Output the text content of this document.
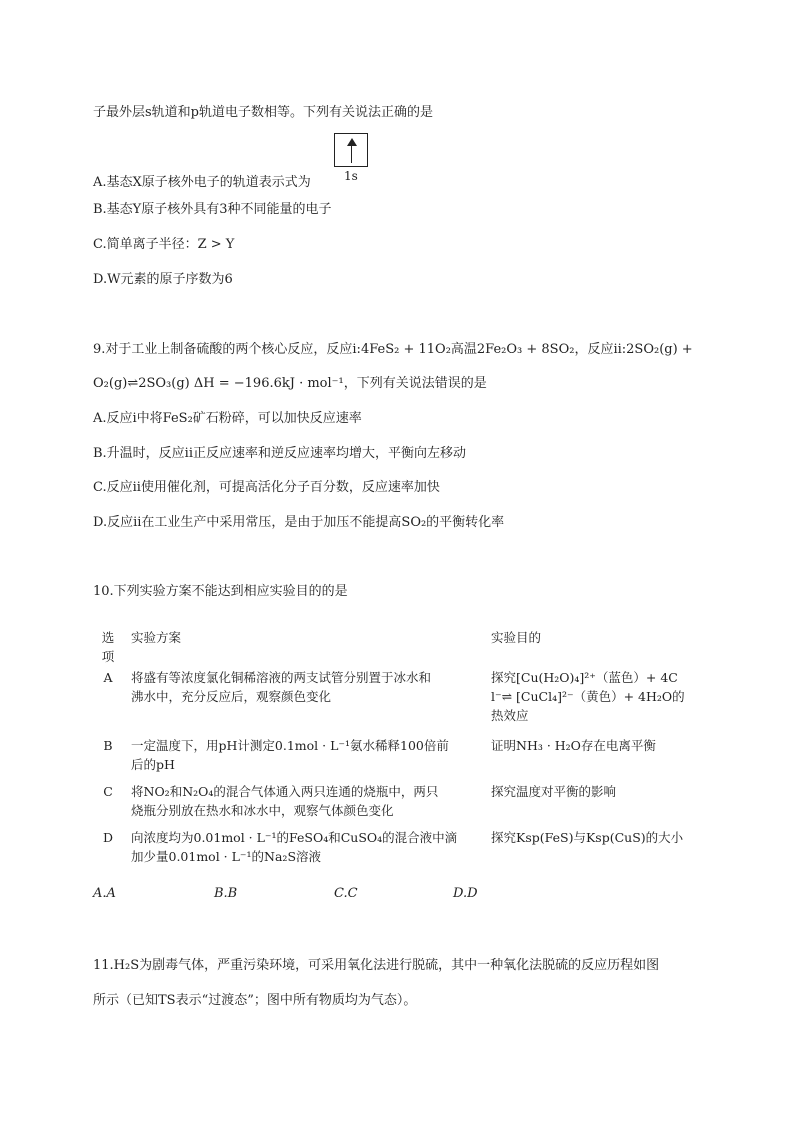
子最外层s轨道和p轨道电子数相等。下列有关说法正确的是
1s
A.基态X原子核外电子的轨道表示式为
B.基态Y原子核外具有3种不同能量的电子
C.简单离子半径：Z > Y
D.W元素的原子序数为6
9.对于工业上制备硫酸的两个核心反应，反应i:4FeS₂ + 11O₂高温2Fe₂O₃ + 8SO₂，反应ii:2SO₂(g) +
O₂(g)⇌2SO₃(g) ΔH = −196.6kJ · mol⁻¹，下列有关说法错误的是
A.反应i中将FeS₂矿石粉碎，可以加快反应速率
B.升温时，反应ii正反应速率和逆反应速率均增大，平衡向左移动
C.反应ii使用催化剂，可提高活化分子百分数，反应速率加快
D.反应ii在工业生产中采用常压，是由于加压不能提高SO₂的平衡转化率
10.下列实验方案不能达到相应实验目的的是
选
项	实验方案	实验目的
A	将盛有等浓度氯化铜稀溶液的两支试管分别置于冰水和
沸水中，充分反应后，观察颜色变化	探究[Cu(H₂O)₄]²⁺（蓝色）+ 4C
l⁻⇌ [CuCl₄]²⁻（黄色）+ 4H₂O的
热效应
B	一定温度下，用pH计测定0.1mol · L⁻¹氨水稀释100倍前
后的pH	证明NH₃ · H₂O存在电离平衡
C	将NO₂和N₂O₄的混合气体通入两只连通的烧瓶中，两只
烧瓶分别放在热水和冰水中，观察气体颜色变化	探究温度对平衡的影响
D	向浓度均为0.01mol · L⁻¹的FeSO₄和CuSO₄的混合液中滴
加少量0.01mol · L⁻¹的Na₂S溶液	探究Ksp(FeS)与Ksp(CuS)的大小
A.A	B.B	C.C	D.D
11.H₂S为剧毒气体，严重污染环境，可采用氧化法进行脱硫，其中一种氧化法脱硫的反应历程如图
所示（已知TS表示“过渡态”；图中所有物质均为气态）。
